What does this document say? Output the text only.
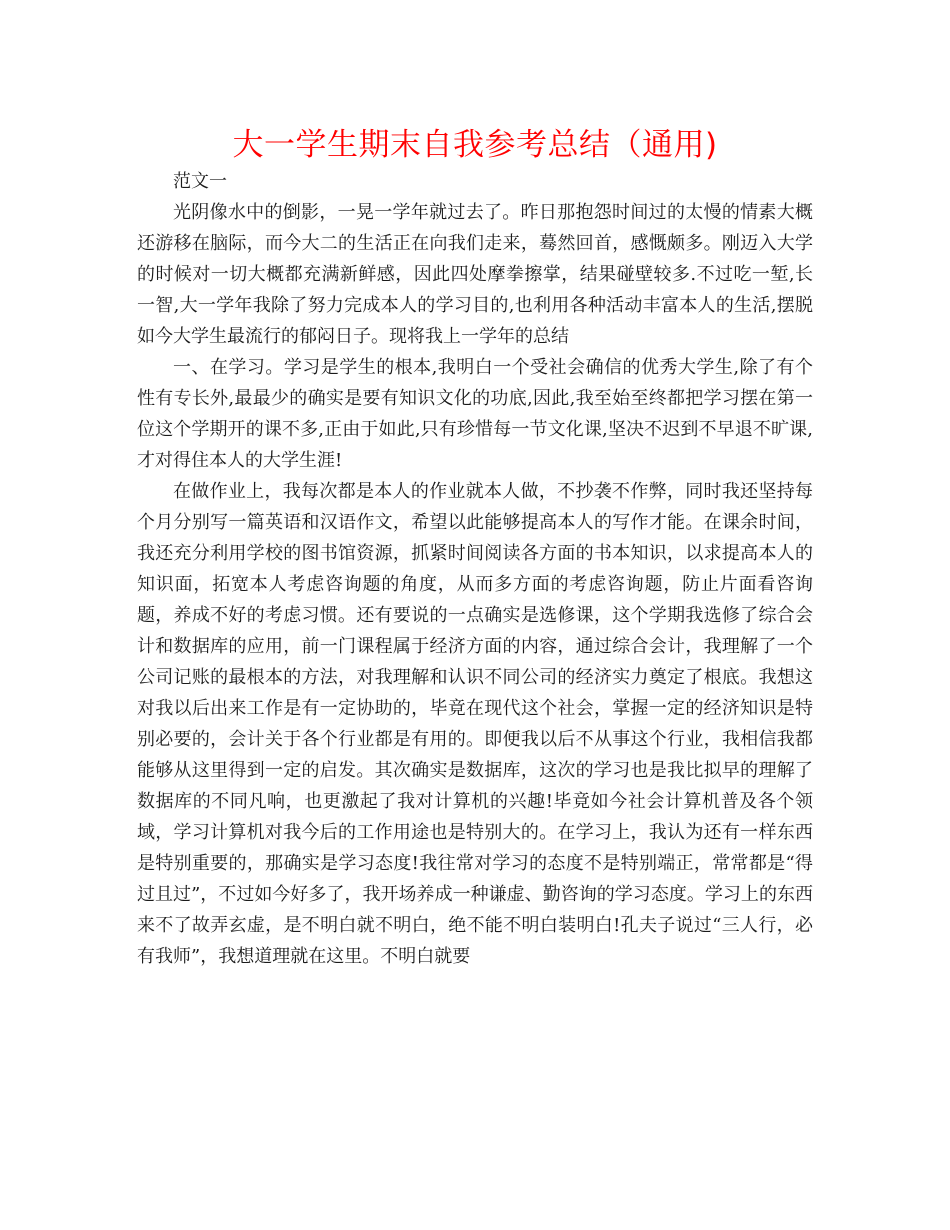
大一学生期末自我参考总结（通用)

范文一

光阴像水中的倒影，一晃一学年就过去了。昨日那抱怨时间过的太慢的情素大概还游移在脑际，而今大二的生活正在向我们走来，蓦然回首，感慨颇多。刚迈入大学的时候对一切大概都充满新鲜感，因此四处摩拳擦掌，结果碰壁较多.不过吃一堑,长一智,大一学年我除了努力完成本人的学习目的,也利用各种活动丰富本人的生活,摆脱如今大学生最流行的郁闷日子。现将我上一学年的总结

一、在学习。学习是学生的根本,我明白一个受社会确信的优秀大学生,除了有个性有专长外,最最少的确实是要有知识文化的功底,因此,我至始至终都把学习摆在第一位这个学期开的课不多,正由于如此,只有珍惜每一节文化课,坚决不迟到不早退不旷课,才对得住本人的大学生涯!

在做作业上，我每次都是本人的作业就本人做，不抄袭不作弊，同时我还坚持每个月分别写一篇英语和汉语作文，希望以此能够提高本人的写作才能。在课余时间，我还充分利用学校的图书馆资源，抓紧时间阅读各方面的书本知识，以求提高本人的知识面，拓宽本人考虑咨询题的角度，从而多方面的考虑咨询题，防止片面看咨询题，养成不好的考虑习惯。还有要说的一点确实是选修课，这个学期我选修了综合会计和数据库的应用，前一门课程属于经济方面的内容，通过综合会计，我理解了一个公司记账的最根本的方法，对我理解和认识不同公司的经济实力奠定了根底。我想这对我以后出来工作是有一定协助的，毕竟在现代这个社会，掌握一定的经济知识是特别必要的，会计关于各个行业都是有用的。即便我以后不从事这个行业，我相信我都能够从这里得到一定的启发。其次确实是数据库，这次的学习也是我比拟早的理解了数据库的不同凡响，也更激起了我对计算机的兴趣!毕竟如今社会计算机普及各个领域，学习计算机对我今后的工作用途也是特别大的。在学习上，我认为还有一样东西是特别重要的，那确实是学习态度!我往常对学习的态度不是特别端正，常常都是“得过且过”，不过如今好多了，我开场养成一种谦虚、勤咨询的学习态度。学习上的东西来不了故弄玄虚，是不明白就不明白，绝不能不明白装明白!孔夫子说过“三人行，必有我师”，我想道理就在这里。不明白就要
